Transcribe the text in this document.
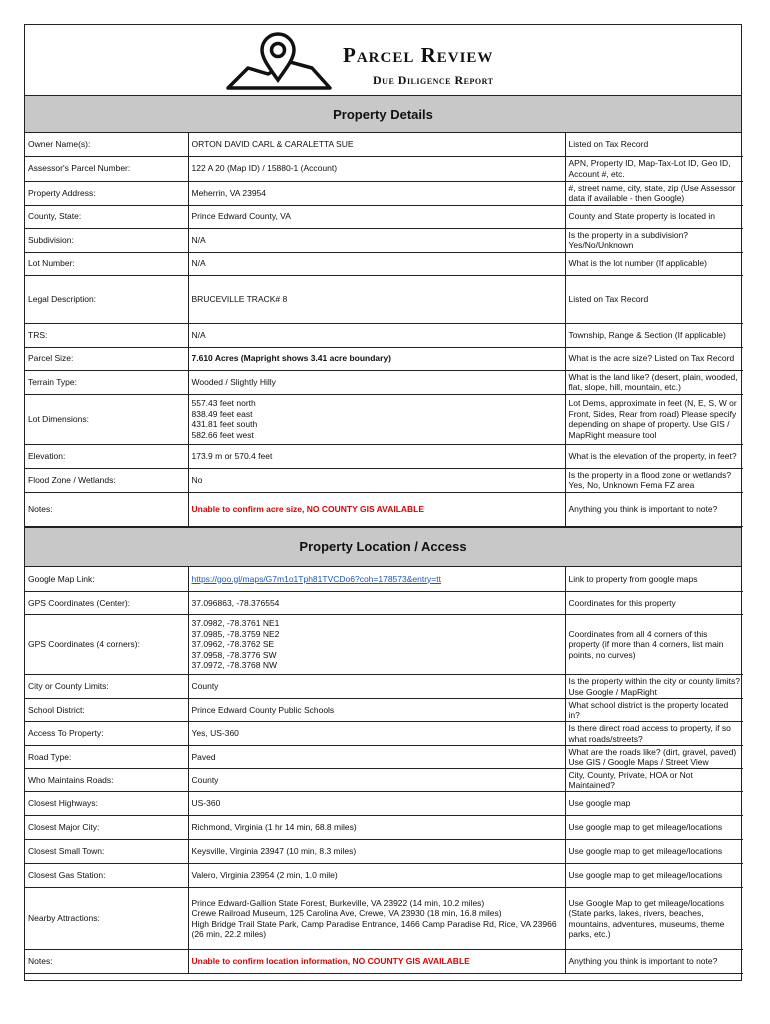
Parcel Review
Due Diligence Report
Property Details
Owner Name(s):	ORTON DAVID CARL & CARALETTA SUE	Listed on Tax Record
Assessor's Parcel Number:	122 A 20 (Map ID) / 15880-1 (Account)	APN, Property ID, Map-Tax-Lot ID, Geo ID, Account #, etc.
Property Address:	Meherrin, VA 23954	#, street name, city, state, zip (Use Assessor data if available - then Google)
County, State:	Prince Edward County, VA	County and State property is located in
Subdivision:	N/A	Is the property in a subdivision? Yes/No/Unknown
Lot Number:	N/A	What is the lot number (If applicable)
Legal Description:	BRUCEVILLE TRACK# 8	Listed on Tax Record
TRS:	N/A	Township, Range & Section (If applicable)
Parcel Size:	7.610 Acres (Mapright shows 3.41 acre boundary)	What is the acre size? Listed on Tax Record
Terrain Type:	Wooded / Slightly Hilly	What is the land like? (desert, plain, wooded, flat, slope, hill, mountain, etc.)
Lot Dimensions:	557.43 feet north
838.49 feet east
431.81 feet south
582.66 feet west	Lot Dems, approximate in feet (N, E, S, W or Front, Sides, Rear from road) Please specify depending on shape of property. Use GIS / MapRight measure tool
Elevation:	173.9 m or 570.4 feet	What is the elevation of the property, in feet?
Flood Zone / Wetlands:	No	Is the property in a flood zone or wetlands? Yes, No, Unknown Fema FZ area
Notes:	Unable to confirm acre size, NO COUNTY GIS AVAILABLE	Anything you think is important to note?
Property Location / Access
Google Map Link:	https://goo.gl/maps/G7m1o1Tph81TVCDo6?coh=178573&entry=tt	Link to property from google maps
GPS Coordinates (Center):	37.096863, -78.376554	Coordinates for this property
GPS Coordinates (4 corners):	37.0982, -78.3761 NE1
37.0985, -78.3759 NE2
37.0962, -78.3762 SE
37.0958, -78.3776 SW
37.0972, -78.3768 NW	Coordinates from all 4 corners of this property (if more than 4 corners, list main points, no curves)
City or County Limits:	County	Is the property within the city or county limits? Use Google / MapRight
School District:	Prince Edward County Public Schools	What school district is the property located in?
Access To Property:	Yes, US-360	Is there direct road access to property, if so what roads/streets?
Road Type:	Paved	What are the roads like? (dirt, gravel, paved) Use GIS / Google Maps / Street View
Who Maintains Roads:	County	City, County, Private, HOA or Not Maintained?
Closest Highways:	US-360	Use google map
Closest Major City:	Richmond, Virginia (1 hr 14 min, 68.8 miles)	Use google map to get mileage/locations
Closest Small Town:	Keysville, Virginia 23947 (10 min, 8.3 miles)	Use google map to get mileage/locations
Closest Gas Station:	Valero, Virginia 23954 (2 min, 1.0 mile)	Use google map to get mileage/locations
Nearby Attractions:	Prince Edward-Gallion State Forest, Burkeville, VA 23922 (14 min, 10.2 miles)
Crewe Railroad Museum, 125 Carolina Ave, Crewe, VA 23930 (18 min, 16.8 miles)
High Bridge Trail State Park, Camp Paradise Entrance, 1466 Camp Paradise Rd, Rice, VA 23966 (26 min, 22.2 miles)	Use Google Map to get mileage/locations (State parks, lakes, rivers, beaches, mountains, adventures, museums, theme parks, etc.)
Notes:	Unable to confirm location information, NO COUNTY GIS AVAILABLE	Anything you think is important to note?
